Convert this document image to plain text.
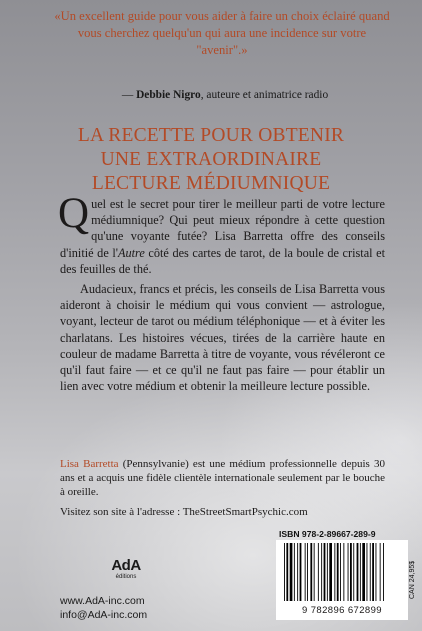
«Un excellent guide pour vous aider à faire un choix éclairé quand vous cherchez quelqu'un qui aura une incidence sur votre "avenir".»
— Debbie Nigro, auteure et animatrice radio
LA RECETTE POUR OBTENIR
UNE EXTRAORDINAIRE
LECTURE MÉDIUMNIQUE

Quel est le secret pour tirer le meilleur parti de votre lecture médiumnique? Qui peut mieux répondre à cette question qu'une voyante futée? Lisa Barretta offre des conseils d'initié de l'Autre côté des cartes de tarot, de la boule de cristal et des feuilles de thé.

Audacieux, francs et précis, les conseils de Lisa Barretta vous aideront à choisir le médium qui vous convient — astrologue, voyant, lecteur de tarot ou médium téléphonique — et à éviter les charlatans. Les histoires vécues, tirées de la carrière haute en couleur de madame Barretta à titre de voyante, vous révéleront ce qu'il faut faire — et ce qu'il ne faut pas faire — pour établir un lien avec votre médium et obtenir la meilleure lecture possible.

Lisa Barretta (Pennsylvanie) est une médium professionnelle depuis 30 ans et a acquis une fidèle clientèle internationale seulement par le bouche à oreille.
Visitez son site à l'adresse : TheStreetSmartPsychic.com
ISBN 978-2-89667-289-9
9 782896 672899
CAN 24,95$
AdA
éditions
www.AdA-inc.com
info@AdA-inc.com
